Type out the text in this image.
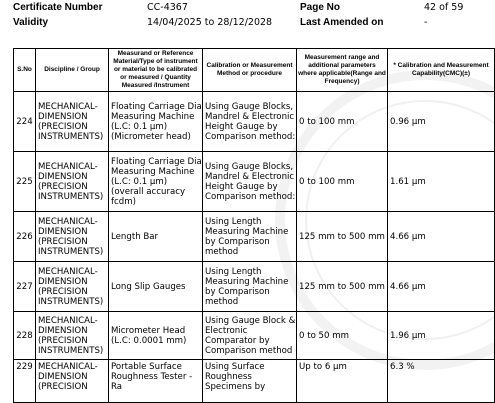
Certificate Number	CC-4367	Page No	42 of 59
Validity	14/04/2025 to 28/12/2028	Last Amended on	-
S.No	Discipline / Group	Measurand or Reference Material/Type of instrument or material to be calibrated or measured / Quantity Measured /Instrument	Calibration or Measurement Method or procedure	Measurement range and additional parameters where applicable(Range and Frequency)	* Calibration and Measurement Capability(CMC)(±)
224	MECHANICAL- DIMENSION (PRECISION INSTRUMENTS)	Floating Carriage Dia Measuring Machine (L.C: 0.1 µm) (Micrometer head)	Using Gauge Blocks, Mandrel & Electronic Height Gauge by Comparison method:	0 to 100 mm	0.96 µm
225	MECHANICAL- DIMENSION (PRECISION INSTRUMENTS)	Floating Carriage Dia Measuring Machine (L.C: 0.1 µm) (overall accuracy fcdm)	Using Gauge Blocks, Mandrel & Electronic Height Gauge by Comparison method:	0 to 100 mm	1.61 µm
226	MECHANICAL- DIMENSION (PRECISION INSTRUMENTS)	Length Bar	Using Length Measuring Machine by Comparison method	125 mm to 500 mm	4.66 µm
227	MECHANICAL- DIMENSION (PRECISION INSTRUMENTS)	Long Slip Gauges	Using Length Measuring Machine by Comparison method	125 mm to 500 mm	4.66 µm
228	MECHANICAL- DIMENSION (PRECISION INSTRUMENTS)	Micrometer Head (L.C: 0.0001 mm)	Using Gauge Block & Electronic Comparator by Comparison method	0 to 50 mm	1.96 µm
229	MECHANICAL- DIMENSION (PRECISION	Portable Surface Roughness Tester - Ra	Using Surface Roughness Specimens by	Up to 6 µm	6.3 %
